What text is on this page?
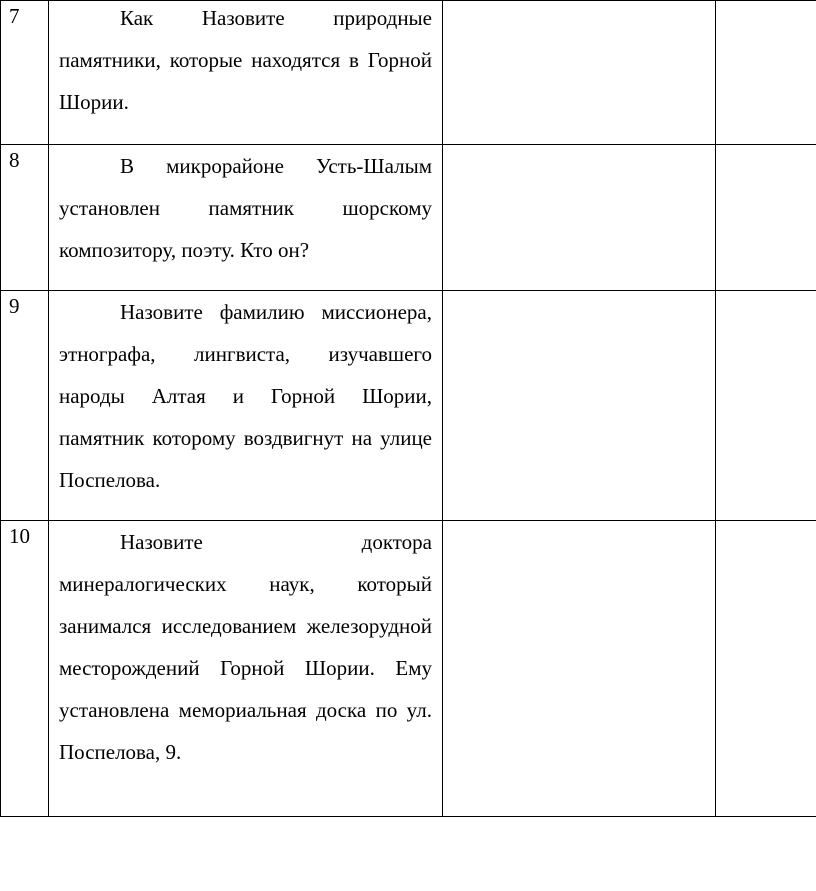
7	Как Назовите природные памятники, которые находятся в Горной Шории.		

8	В микрорайоне Усть-Шалым установлен памятник шорскому композитору, поэту. Кто он?		

9	Назовите фамилию миссионера, этнографа, лингвиста, изучавшего народы Алтая и Горной Шории, памятник которому воздвигнут на улице Поспелова.		

10	Назовите доктора минералогических наук, который занимался исследованием железорудной месторождений Горной Шории. Ему установлена мемориальная доска по ул. Поспелова, 9.		
